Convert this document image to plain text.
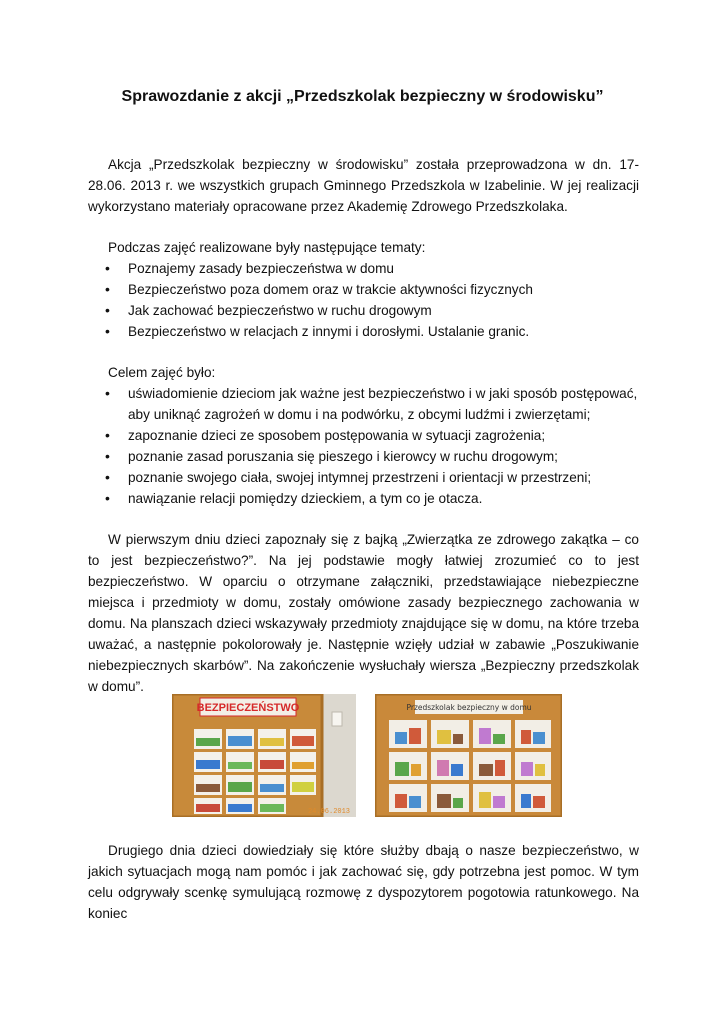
Sprawozdanie z akcji „Przedszkolak bezpieczny w środowisku”

Akcja „Przedszkolak bezpieczny w środowisku” została przeprowadzona w dn. 17-28.06. 2013 r. we wszystkich grupach Gminnego Przedszkola w Izabelinie. W jej realizacji wykorzystano materiały opracowane przez Akademię Zdrowego Przedszkolaka.

Podczas zajęć realizowane były następujące tematy:

• Poznajemy zasady bezpieczeństwa w domu
• Bezpieczeństwo poza domem oraz w trakcie aktywności fizycznych
• Jak zachować bezpieczeństwo w ruchu drogowym
• Bezpieczeństwo w relacjach z innymi i dorosłymi. Ustalanie granic.

Celem zajęć było:

• uświadomienie dzieciom jak ważne jest bezpieczeństwo i w jaki sposób postępować, aby uniknąć zagrożeń w domu i na podwórku, z obcymi ludźmi i zwierzętami;
• zapoznanie dzieci ze sposobem postępowania w sytuacji zagrożenia;
• poznanie zasad poruszania się pieszego i kierowcy w ruchu drogowym;
• poznanie swojego ciała, swojej intymnej przestrzeni i orientacji w przestrzeni;
• nawiązanie relacji pomiędzy dzieckiem, a tym co je otacza.

W pierwszym dniu dzieci zapoznały się z bajką „Zwierzątka ze zdrowego zakątka – co to jest bezpieczeństwo?”. Na jej podstawie mogły łatwiej zrozumieć co to jest bezpieczeństwo. W oparciu o otrzymane załączniki, przedstawiające niebezpieczne miejsca i przedmioty w domu, zostały omówione zasady bezpiecznego zachowania w domu. Na planszach dzieci wskazywały przedmioty znajdujące się w domu, na które trzeba uważać, a następnie pokolorowały je. Następnie wzięły udział w zabawie „Poszukiwanie niebezpiecznych skarbów”. Na zakończenie wysłuchały wiersza „Bezpieczny przedszkolak w domu”.

BEZPIECZEŃSTWO
24.06.2013
Przedszkolak bezpieczny w domu

Drugiego dnia dzieci dowiedziały się które służby dbają o nasze bezpieczeństwo, w jakich sytuacjach mogą nam pomóc i jak zachować się, gdy potrzebna jest pomoc. W tym celu odgrywały scenkę symulującą rozmowę z dyspozytorem pogotowia ratunkowego. Na koniec
